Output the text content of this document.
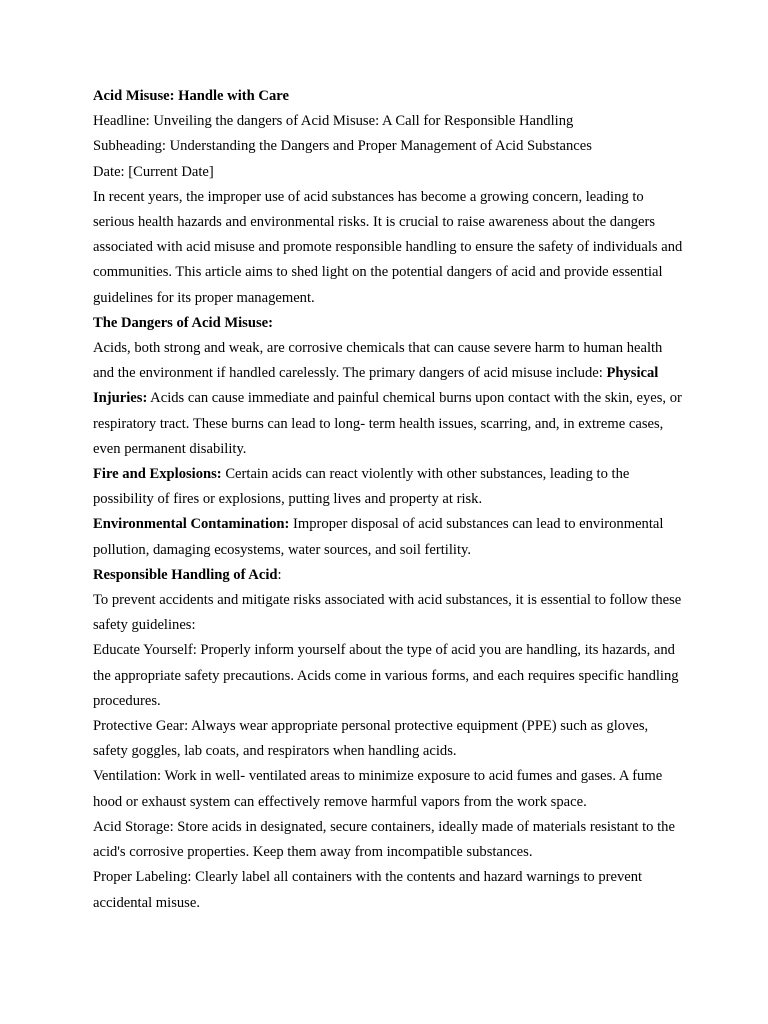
Acid Misuse: Handle with Care

Headline: Unveiling the dangers of Acid Misuse: A Call for Responsible Handling

Subheading: Understanding the Dangers and Proper Management of Acid Substances

Date: [Current Date]

In recent years, the improper use of acid substances has become a growing concern, leading to serious health hazards and environmental risks. It is crucial to raise awareness about the dangers associated with acid misuse and promote responsible handling to ensure the safety of individuals and communities. This article aims to shed light on the potential dangers of acid and provide essential guidelines for its proper management.

The Dangers of Acid Misuse:

Acids, both strong and weak, are corrosive chemicals that can cause severe harm to human health and the environment if handled carelessly. The primary dangers of acid misuse include: Physical Injuries: Acids can cause immediate and painful chemical burns upon contact with the skin, eyes, or respiratory tract. These burns can lead to long- term health issues, scarring, and, in extreme cases, even permanent disability.

Fire and Explosions: Certain acids can react violently with other substances, leading to the possibility of fires or explosions, putting lives and property at risk.

Environmental Contamination: Improper disposal of acid substances can lead to environmental pollution, damaging ecosystems, water sources, and soil fertility.

Responsible Handling of Acid:

To prevent accidents and mitigate risks associated with acid substances, it is essential to follow these safety guidelines:

Educate Yourself: Properly inform yourself about the type of acid you are handling, its hazards, and the appropriate safety precautions. Acids come in various forms, and each requires specific handling procedures.

Protective Gear: Always wear appropriate personal protective equipment (PPE) such as gloves, safety goggles, lab coats, and respirators when handling acids.

Ventilation: Work in well- ventilated areas to minimize exposure to acid fumes and gases. A fume hood or exhaust system can effectively remove harmful vapors from the work space.

Acid Storage: Store acids in designated, secure containers, ideally made of materials resistant to the acid's corrosive properties. Keep them away from incompatible substances.

Proper Labeling: Clearly label all containers with the contents and hazard warnings to prevent accidental misuse.
